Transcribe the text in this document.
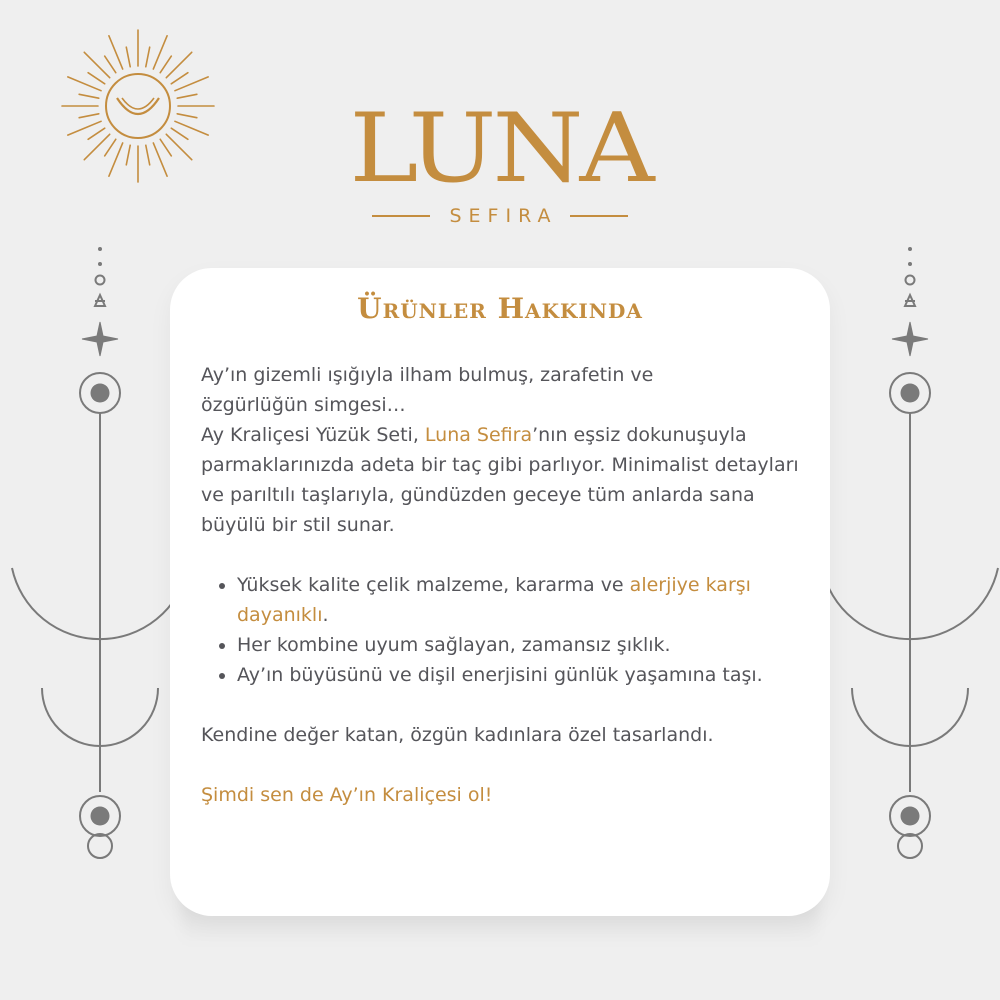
LUNA
SEFIRA
Ürünler Hakkında

Ay’ın gizemli ışığıyla ilham bulmuş, zarafetin ve
özgürlüğün simgesi…
Ay Kraliçesi Yüzük Seti, Luna Sefira’nın eşsiz dokunuşuyla parmaklarınızda adeta bir taç gibi parlıyor. Minimalist detayları ve parıltılı taşlarıyla, gündüzden geceye tüm anlarda sana büyülü bir stil sunar.

• Yüksek kalite çelik malzeme, kararma ve alerjiye karşı dayanıklı.
• Her kombine uyum sağlayan, zamansız şıklık.
• Ay’ın büyüsünü ve dişil enerjisini günlük yaşamına taşı.

Kendine değer katan, özgün kadınlara özel tasarlandı.

Şimdi sen de Ay’ın Kraliçesi ol!
